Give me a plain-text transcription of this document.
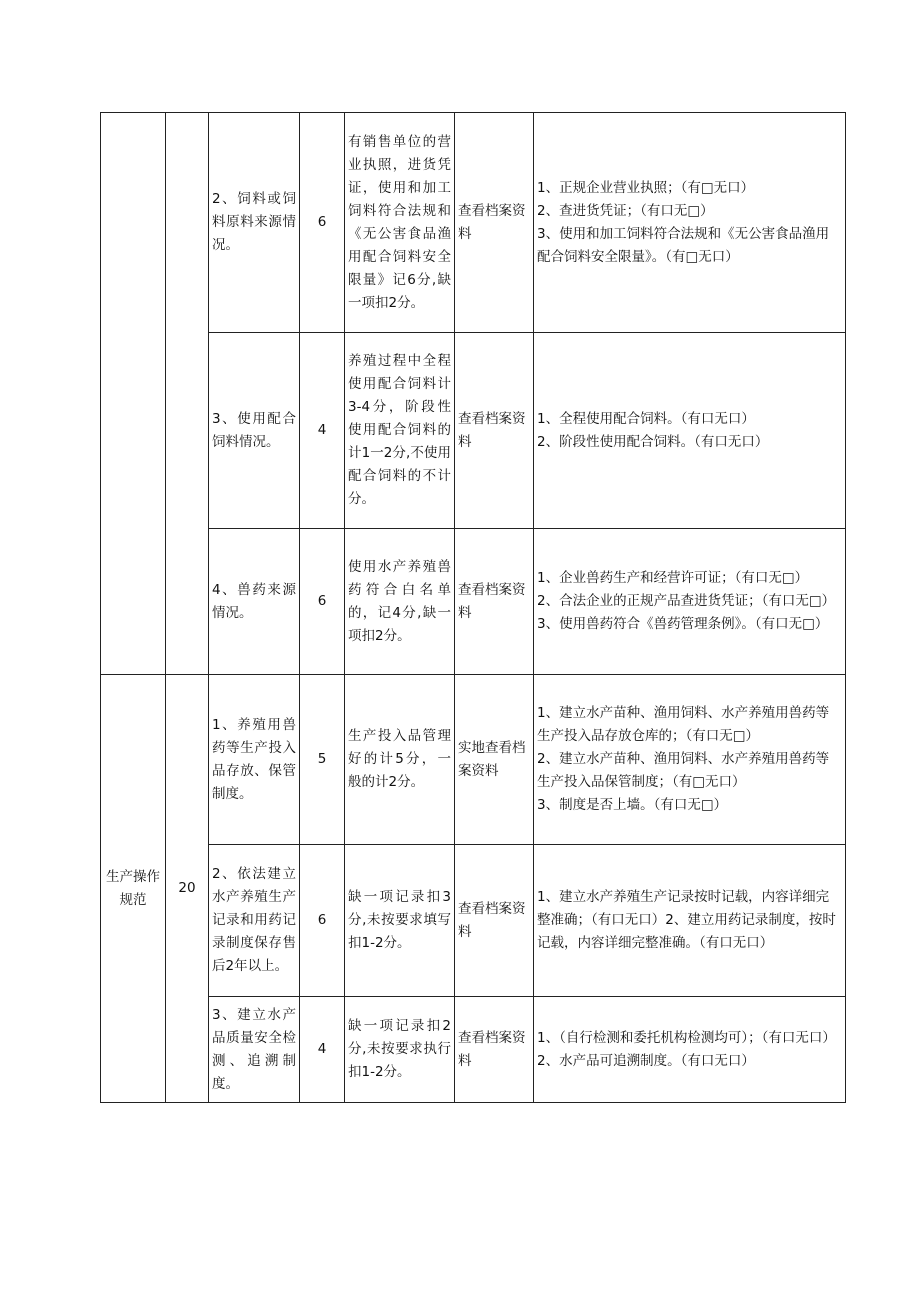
		2、饲料或饲料原料来源情况。	6	有销售单位的营业执照，进货凭证，使用和加工饲料符合法规和《无公害食品渔用配合饲料安全限量》记6分,缺一项扣2分。	查看档案资料	1、正规企业营业执照；（有□无口）
2、查进货凭证；（有口无□）
3、使用和加工饲料符合法规和《无公害食品渔用配合饲料安全限量》。（有□无口）

		3、使用配合饲料情况。	4	养殖过程中全程使用配合饲料计3-4分，阶段性使用配合饲料的计1一2分,不使用配合饲料的不计分。	查看档案资料	1、全程使用配合饲料。（有口无口）
2、阶段性使用配合饲料。（有口无口）

		4、兽药来源情况。	6	使用水产养殖兽药符合白名单的，记4分,缺一项扣2分。	查看档案资料	1、企业兽药生产和经营许可证；（有口无□）
2、合法企业的正规产品查进货凭证；（有口无□）
3、使用兽药符合《兽药管理条例》。（有口无□）

生产操作规范	20	1、养殖用兽药等生产投入品存放、保管制度。	5	生产投入品管理好的计5分，一般的计2分。	实地查看档案资料	1、建立水产苗种、渔用饲料、水产养殖用兽药等生产投入品存放仓库的；（有口无□）
2、建立水产苗种、渔用饲料、水产养殖用兽药等生产投入品保管制度；（有□无口）
3、制度是否上墙。（有口无□）

		2、依法建立水产养殖生产记录和用药记录制度保存售后2年以上。	6	缺一项记录扣3分,未按要求填写扣1-2分。	查看档案资料	1、建立水产养殖生产记录按时记载，内容详细完整准确；（有口无口）2、建立用药记录制度，按时记载，内容详细完整准确。（有口无口）

		3、建立水产品质量安全检测、追溯制度。	4	缺一项记录扣2分,未按要求执行扣1-2分。	查看档案资料	1、（自行检测和委托机构检测均可）；（有口无口）
2、水产品可追溯制度。（有口无口）
